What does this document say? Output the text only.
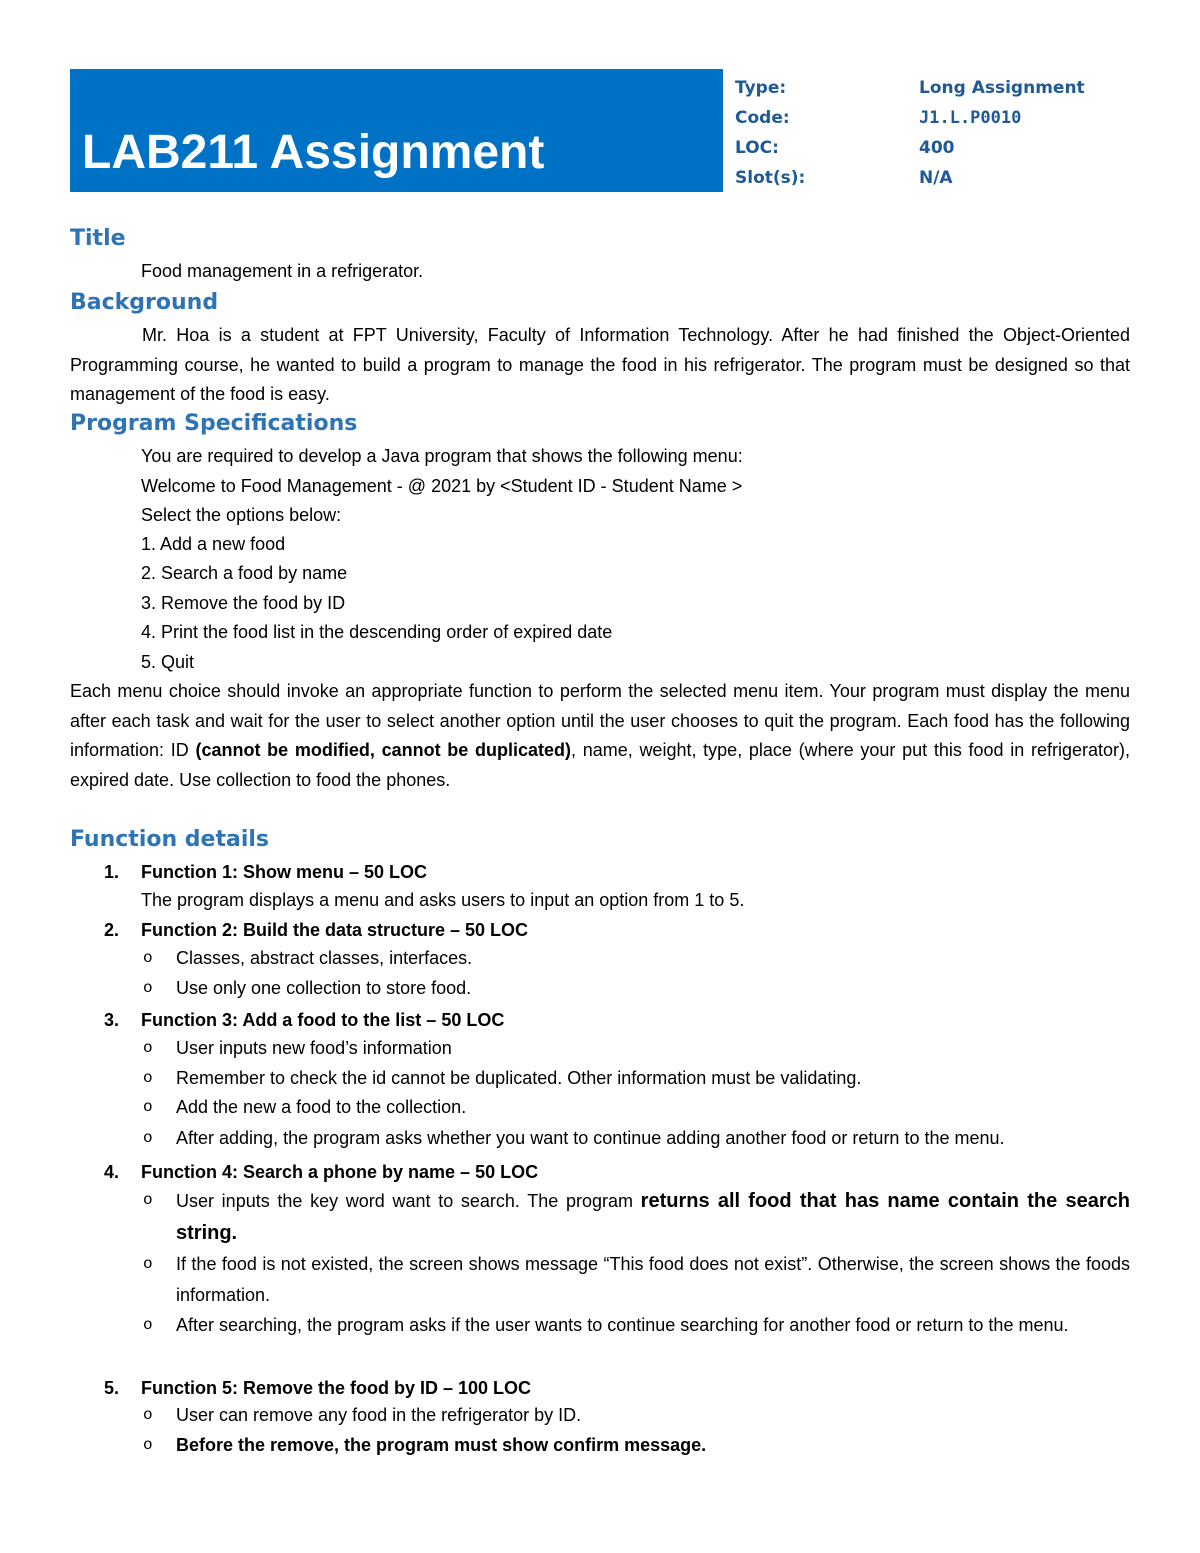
LAB211 Assignment
Type:	Long Assignment
Code:	J1.L.P0010
LOC:	400
Slot(s):	N/A
Title
Food management in a refrigerator.
Background
Mr. Hoa is a student at FPT University, Faculty of Information Technology. After he had finished the Object-Oriented Programming course, he wanted to build a program to manage the food in his refrigerator. The program must be designed so that management of the food is easy.
Program Specifications
You are required to develop a Java program that shows the following menu:
Welcome to Food Management - @ 2021 by <Student ID - Student Name >
Select the options below:
1. Add a new food
2. Search a food by name
3. Remove the food by ID
4. Print the food list in the descending order of expired date
5. Quit
Each menu choice should invoke an appropriate function to perform the selected menu item. Your program must display the menu after each task and wait for the user to select another option until the user chooses to quit the program. Each food has the following information: ID (cannot be modified, cannot be duplicated), name, weight, type, place (where your put this food in refrigerator), expired date. Use collection to food the phones.
Function details
1. Function 1: Show menu – 50 LOC
The program displays a menu and asks users to input an option from 1 to 5.
2. Function 2: Build the data structure – 50 LOC
o Classes, abstract classes, interfaces.
o Use only one collection to store food.
3. Function 3: Add a food to the list – 50 LOC
o User inputs new food’s information
o Remember to check the id cannot be duplicated. Other information must be validating.
o Add the new a food to the collection.
o After adding, the program asks whether you want to continue adding another food or return to the menu.
4. Function 4: Search a phone by name – 50 LOC
o User inputs the key word want to search. The program returns all food that has name contain the search string.
o If the food is not existed, the screen shows message “This food does not exist”. Otherwise, the screen shows the foods information.
o After searching, the program asks if the user wants to continue searching for another food or return to the menu.
5. Function 5: Remove the food by ID – 100 LOC
o User can remove any food in the refrigerator by ID.
o Before the remove, the program must show confirm message.
